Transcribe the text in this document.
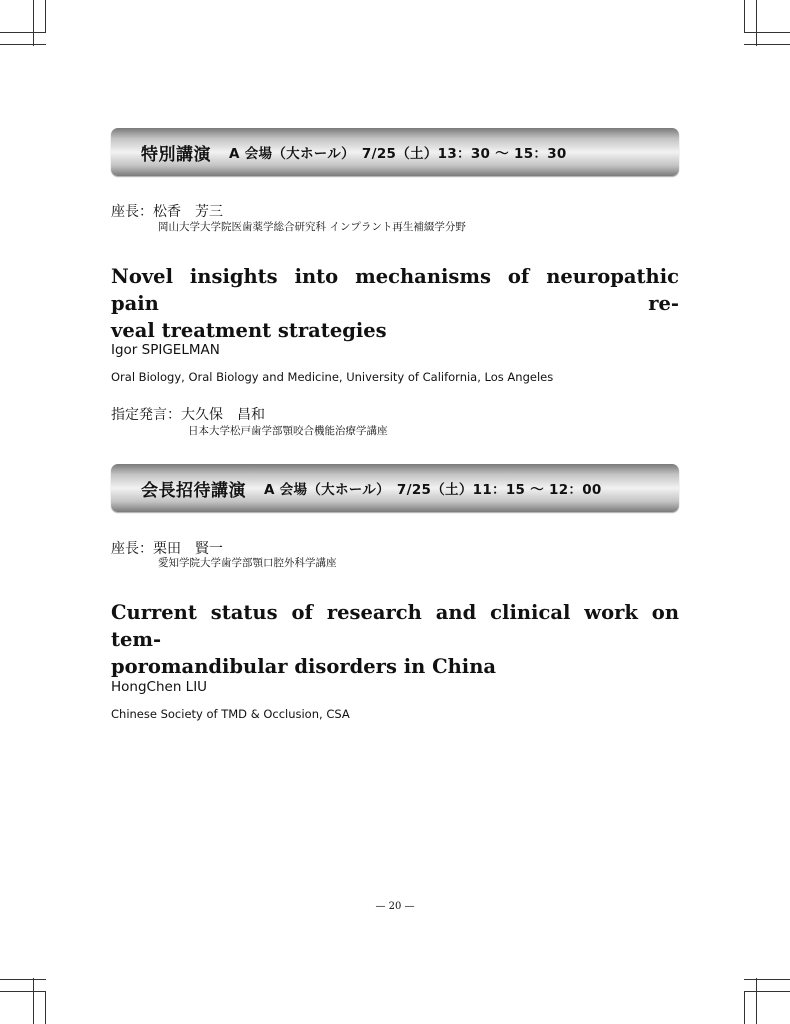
特別講演 A 会場（大ホール）　7/25（土）13：30 ～ 15：30
座長：松香　芳三
岡山大学大学院医歯薬学総合研究科 インプラント再生補綴学分野
Novel insights into mechanisms of neuropathic pain re-
veal treatment strategies
Igor SPIGELMAN
Oral Biology, Oral Biology and Medicine, University of California, Los Angeles
指定発言：大久保　昌和
日本大学松戸歯学部顎咬合機能治療学講座
会長招待講演 A 会場（大ホール）　7/25（土）11：15 ～ 12：00
座長：栗田　賢一
愛知学院大学歯学部顎口腔外科学講座
Current status of research and clinical work on tem-
poromandibular disorders in China
HongChen LIU
Chinese Society of TMD & Occlusion, CSA
— 20 —
